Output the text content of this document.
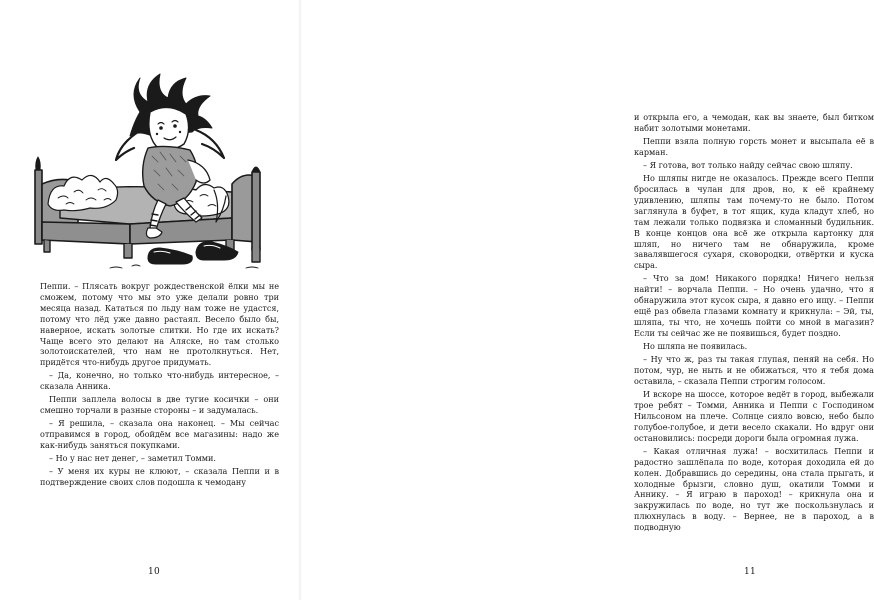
Пеппи. – Плясать вокруг рождественской ёлки мы не сможем, потому что мы это уже делали ровно три месяца назад. Кататься по льду нам тоже не удастся, потому что лёд уже давно растаял. Весело было бы, наверное, искать золотые слитки. Но где их искать? Чаще всего это делают на Аляске, но там столько золотоискателей, что нам не протолкнуться. Нет, придётся что-нибудь другое придумать.

– Да, конечно, но только что-нибудь интересное, – сказала Анника.

Пеппи заплела волосы в две тугие косички – они смешно торчали в разные стороны – и задумалась.

– Я решила, – сказала она наконец. – Мы сейчас отправимся в город, обойдём все магазины: надо же как-нибудь заняться покупками.

– Но у нас нет денег, – заметил Томми.

– У меня их куры не клюют, – сказала Пеппи и в подтверждение своих слов подошла к чемодану

10

и открыла его, а чемодан, как вы знаете, был битком набит золотыми монетами.

Пеппи взяла полную горсть монет и высыпала её в карман.

– Я готова, вот только найду сейчас свою шляпу.

Но шляпы нигде не оказалось. Прежде всего Пеппи бросилась в чулан для дров, но, к её крайнему удивлению, шляпы там почему-то не было. Потом заглянула в буфет, в тот ящик, куда кладут хлеб, но там лежали только подвязка и сломанный будильник. В конце концов она всё же открыла картонку для шляп, но ничего там не обнаружила, кроме завалявшегося сухаря, сковородки, отвёртки и куска сыра.

– Что за дом! Никакого порядка! Ничего нельзя найти! – ворчала Пеппи. – Но очень удачно, что я обнаружила этот кусок сыра, я давно его ищу. – Пеппи ещё раз обвела глазами комнату и крикнула: – Эй, ты, шляпа, ты что, не хочешь пойти со мной в магазин? Если ты сейчас же не появишься, будет поздно.

Но шляпа не появилась.

– Ну что ж, раз ты такая глупая, пеняй на себя. Но потом, чур, не ныть и не обижаться, что я тебя дома оставила, – сказала Пеппи строгим голосом.

И вскоре на шоссе, которое ведёт в город, выбежали трое ребят – Томми, Анника и Пеппи с Господином Нильсоном на плече. Солнце сияло вовсю, небо было голубое-голубое, и дети весело скакали. Но вдруг они остановились: посреди дороги была огромная лужа.

– Какая отличная лужа! – восхитилась Пеппи и радостно зашлёпала по воде, которая доходила ей до колен. Добравшись до середины, она стала прыгать, и холодные брызги, словно душ, окатили Томми и Аннику. – Я играю в пароход! – крикнула она и закружилась по воде, но тут же поскользнулась и плюхнулась в воду. – Вернее, не в пароход, а в подводную

11
